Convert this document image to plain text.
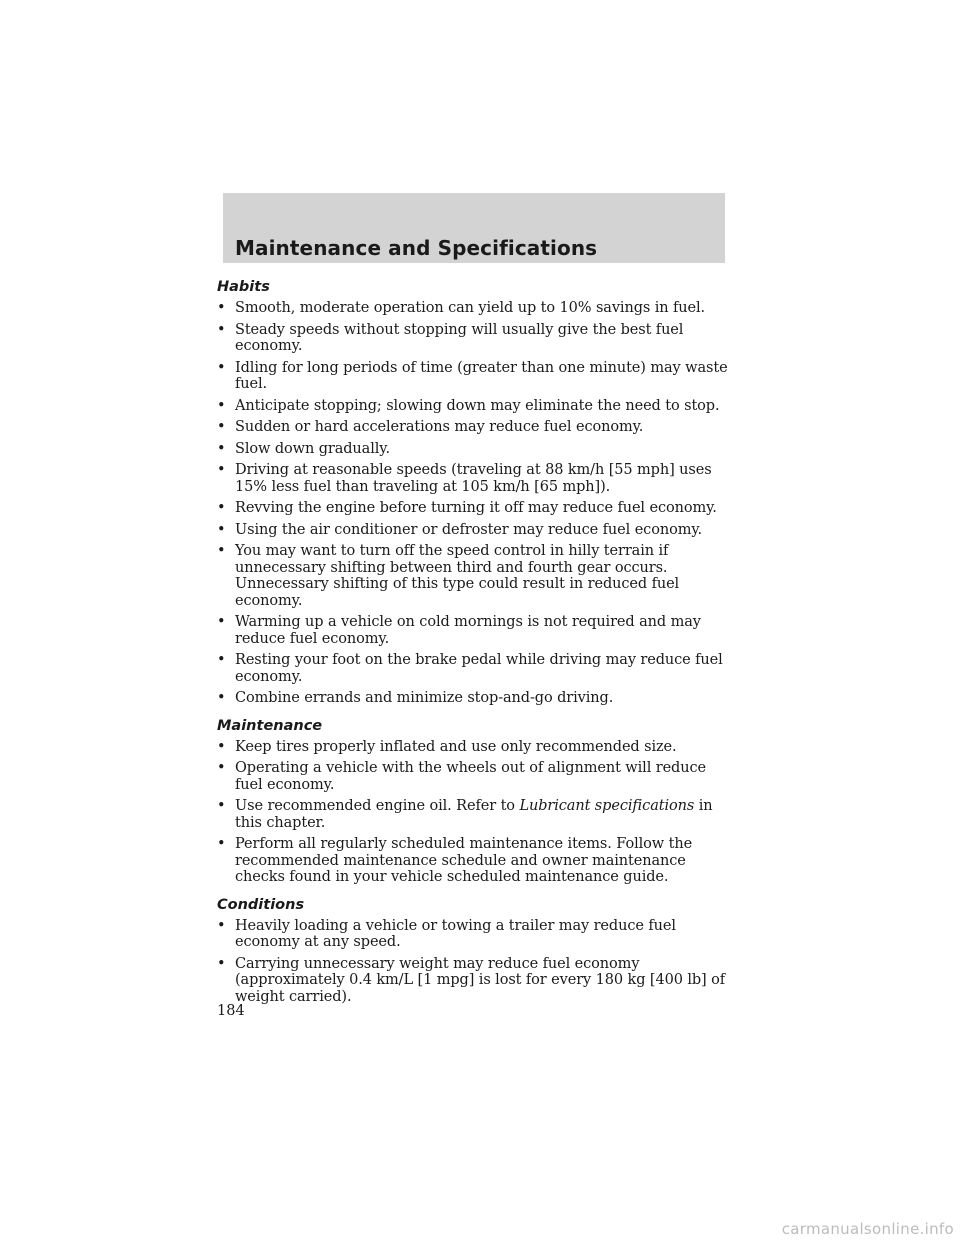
Maintenance and Specifications
Habits
• Smooth, moderate operation can yield up to 10% savings in fuel.
• Steady speeds without stopping will usually give the best fuel economy.
• Idling for long periods of time (greater than one minute) may waste fuel.
• Anticipate stopping; slowing down may eliminate the need to stop.
• Sudden or hard accelerations may reduce fuel economy.
• Slow down gradually.
• Driving at reasonable speeds (traveling at 88 km/h [55 mph] uses 15% less fuel than traveling at 105 km/h [65 mph]).
• Revving the engine before turning it off may reduce fuel economy.
• Using the air conditioner or defroster may reduce fuel economy.
• You may want to turn off the speed control in hilly terrain if unnecessary shifting between third and fourth gear occurs. Unnecessary shifting of this type could result in reduced fuel economy.
• Warming up a vehicle on cold mornings is not required and may reduce fuel economy.
• Resting your foot on the brake pedal while driving may reduce fuel economy.
• Combine errands and minimize stop-and-go driving.
Maintenance
• Keep tires properly inflated and use only recommended size.
• Operating a vehicle with the wheels out of alignment will reduce fuel economy.
• Use recommended engine oil. Refer to Lubricant specifications in this chapter.
• Perform all regularly scheduled maintenance items. Follow the recommended maintenance schedule and owner maintenance checks found in your vehicle scheduled maintenance guide.
Conditions
• Heavily loading a vehicle or towing a trailer may reduce fuel economy at any speed.
• Carrying unnecessary weight may reduce fuel economy (approximately 0.4 km/L [1 mpg] is lost for every 180 kg [400 lb] of weight carried).

184

carmanualsonline.info
